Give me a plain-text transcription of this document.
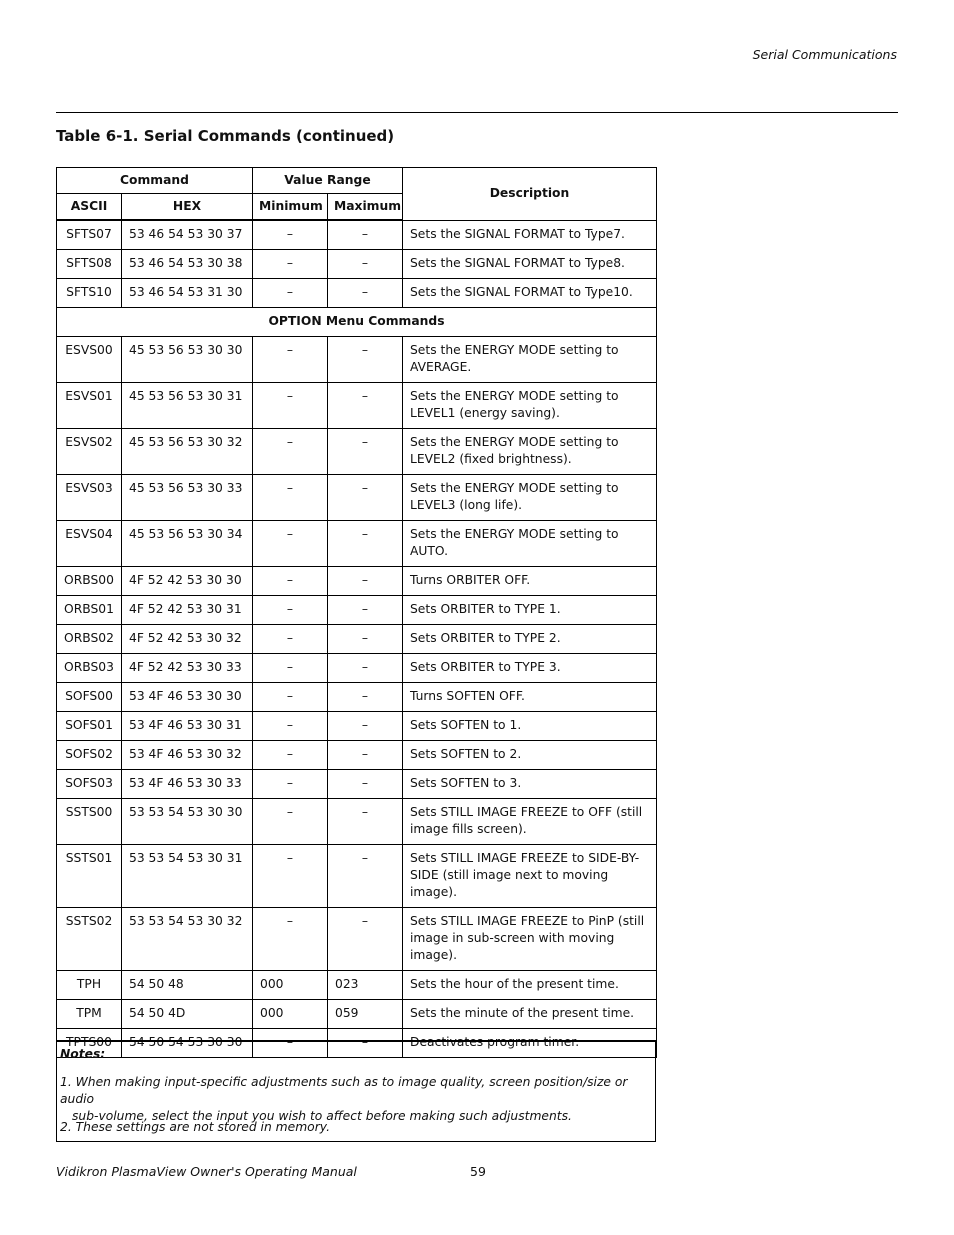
Serial Communications
Table 6-1. Serial Commands (continued)
Command		Value Range		Description
ASCII	HEX	Minimum	Maximum	
SFTS07	53 46 54 53 30 37	–	–	Sets the SIGNAL FORMAT to Type7.
SFTS08	53 46 54 53 30 38	–	–	Sets the SIGNAL FORMAT to Type8.
SFTS10	53 46 54 53 31 30	–	–	Sets the SIGNAL FORMAT to Type10.
OPTION Menu Commands				
ESVS00	45 53 56 53 30 30	–	–	Sets the ENERGY MODE setting to AVERAGE.
ESVS01	45 53 56 53 30 31	–	–	Sets the ENERGY MODE setting to LEVEL1 (energy saving).
ESVS02	45 53 56 53 30 32	–	–	Sets the ENERGY MODE setting to LEVEL2 (fixed brightness).
ESVS03	45 53 56 53 30 33	–	–	Sets the ENERGY MODE setting to LEVEL3 (long life).
ESVS04	45 53 56 53 30 34	–	–	Sets the ENERGY MODE setting to AUTO.
ORBS00	4F 52 42 53 30 30	–	–	Turns ORBITER OFF.
ORBS01	4F 52 42 53 30 31	–	–	Sets ORBITER to TYPE 1.
ORBS02	4F 52 42 53 30 32	–	–	Sets ORBITER to TYPE 2.
ORBS03	4F 52 42 53 30 33	–	–	Sets ORBITER to TYPE 3.
SOFS00	53 4F 46 53 30 30	–	–	Turns SOFTEN OFF.
SOFS01	53 4F 46 53 30 31	–	–	Sets SOFTEN to 1.
SOFS02	53 4F 46 53 30 32	–	–	Sets SOFTEN to 2.
SOFS03	53 4F 46 53 30 33	–	–	Sets SOFTEN to 3.
SSTS00	53 53 54 53 30 30	–	–	Sets STILL IMAGE FREEZE to OFF (still image fills screen).
SSTS01	53 53 54 53 30 31	–	–	Sets STILL IMAGE FREEZE to SIDE-BY-SIDE (still image next to moving image).
SSTS02	53 53 54 53 30 32	–	–	Sets STILL IMAGE FREEZE to PinP (still image in sub-screen with moving image).
TPH	54 50 48	000	023	Sets the hour of the present time.
TPM	54 50 4D	000	059	Sets the minute of the present time.
TPTS00	54 50 54 53 30 30	–	–	Deactivates program timer.
Notes:
1. When making input-specific adjustments such as to image quality, screen position/size or audio
sub-volume, select the input you wish to affect before making such adjustments.
2. These settings are not stored in memory.
Vidikron PlasmaView Owner's Operating Manual	59
